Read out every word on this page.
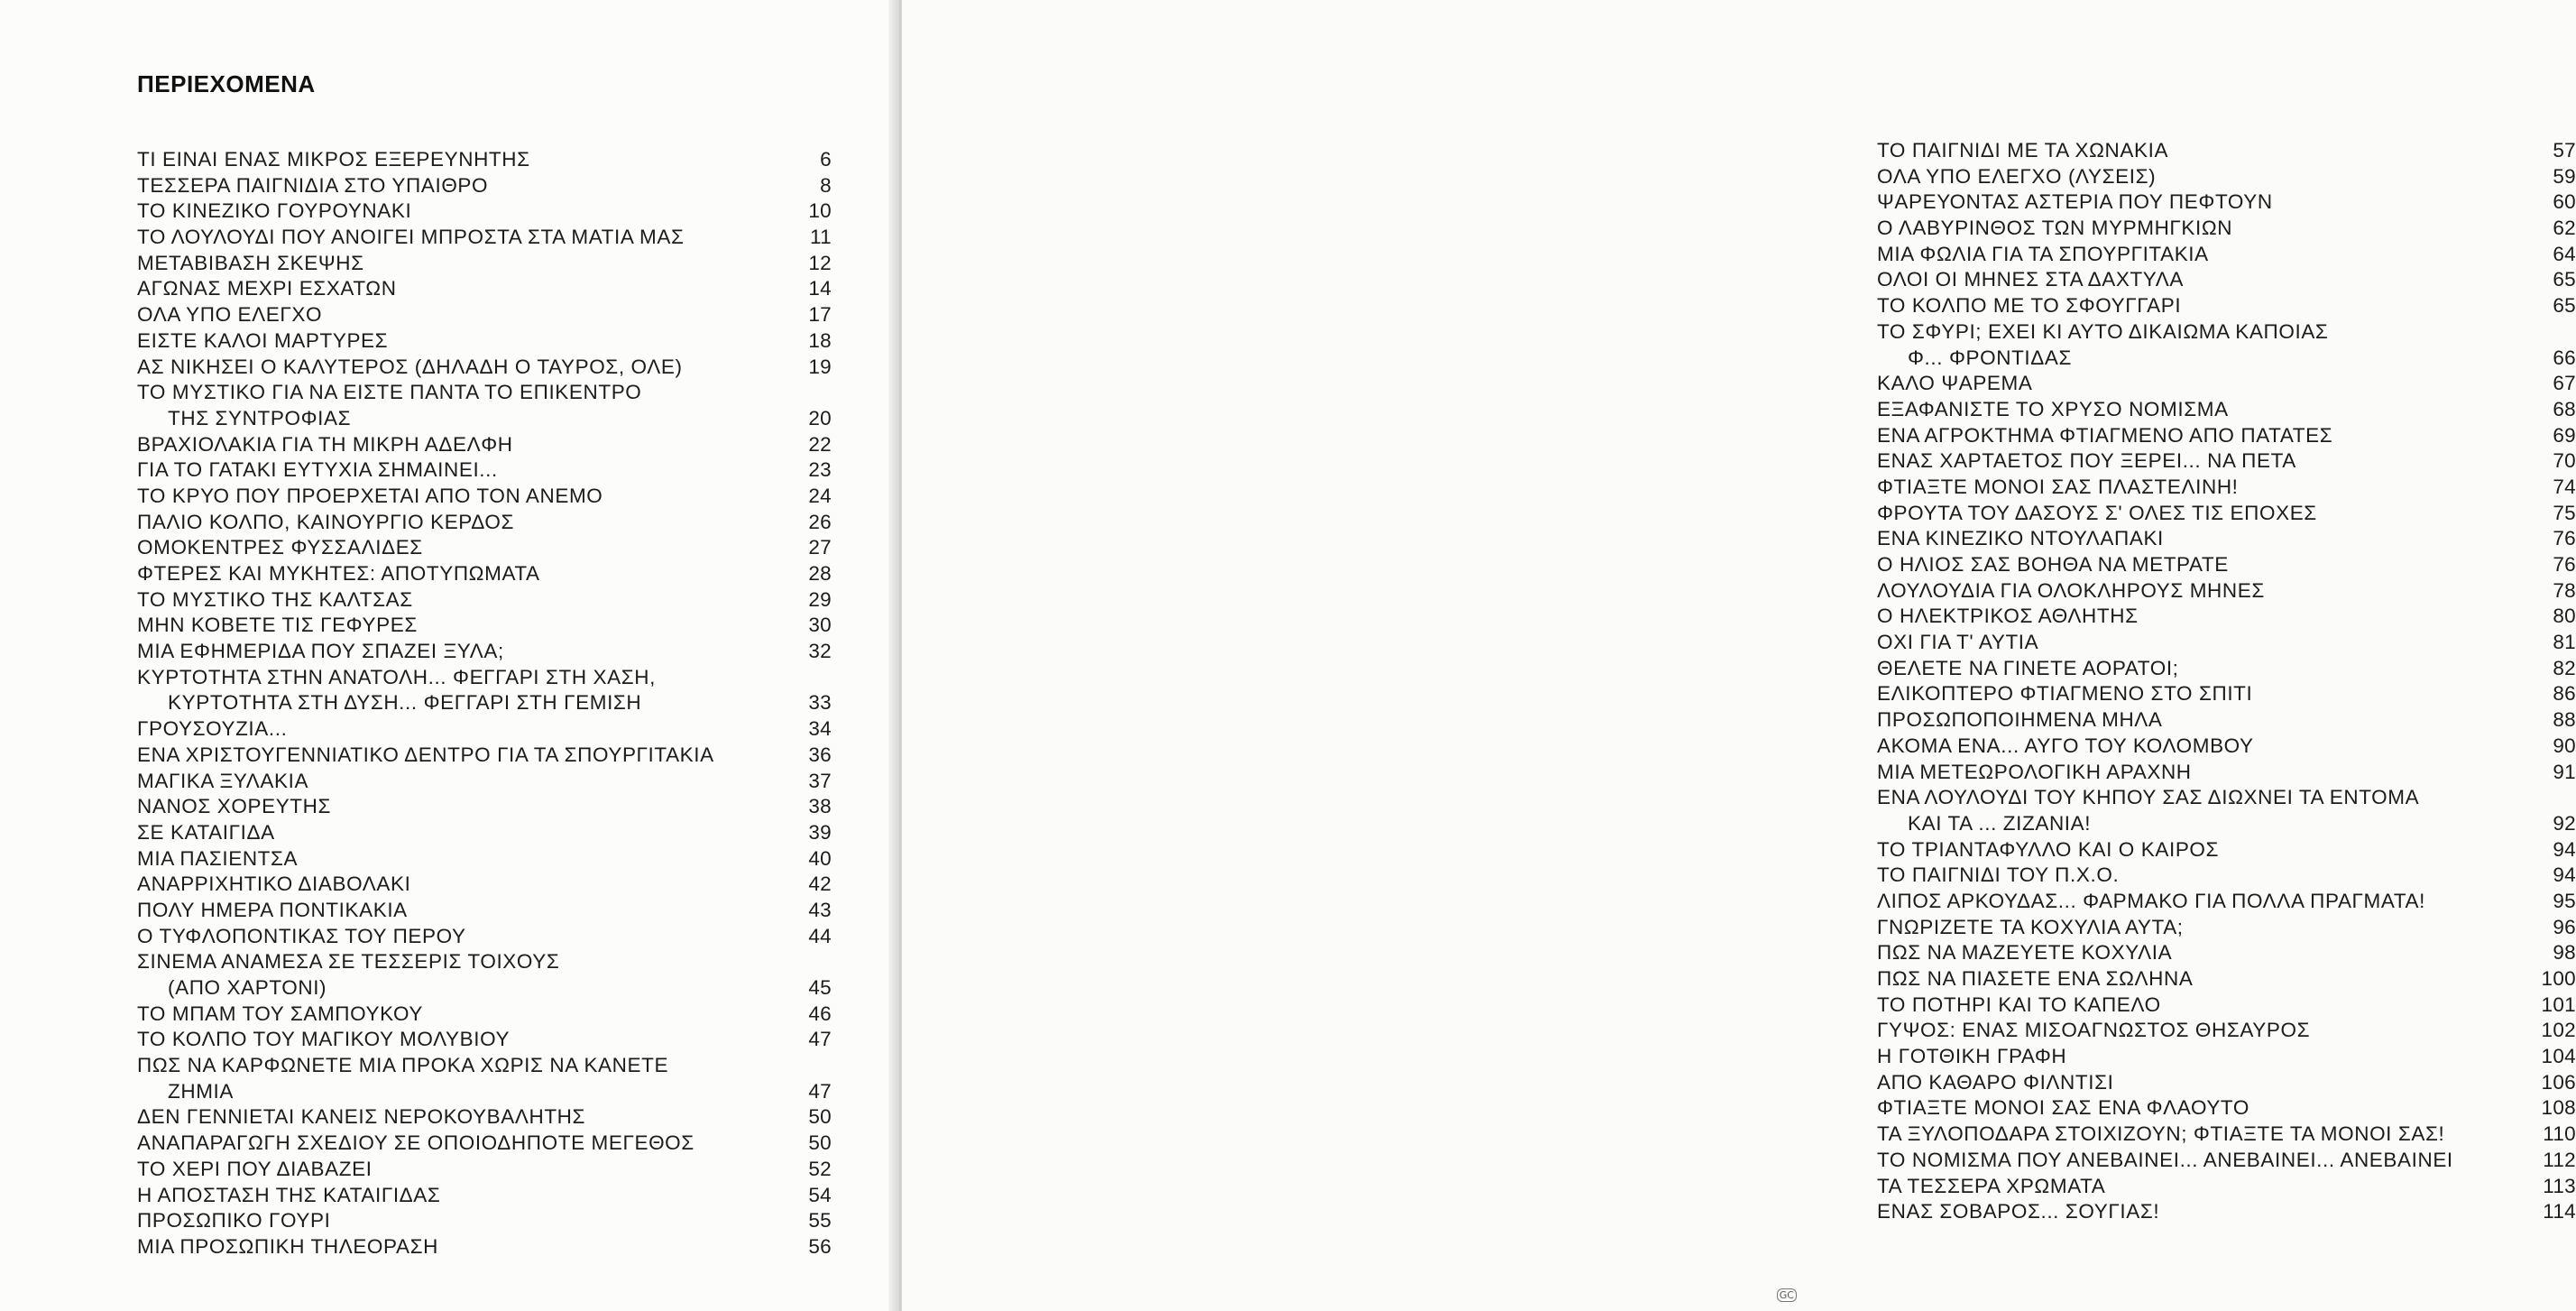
ΠΕΡΙΕΧΟΜΕΝΑ
ΤΙ ΕΙΝΑΙ ΕΝΑΣ ΜΙΚΡΟΣ ΕΞΕΡΕΥΝΗΤΗΣ	6
ΤΕΣΣΕΡΑ ΠΑΙΓΝΙΔΙΑ ΣΤΟ ΥΠΑΙΘΡΟ	8
ΤΟ ΚΙΝΕΖΙΚΟ ΓΟΥΡΟΥΝΑΚΙ	10
ΤΟ ΛΟΥΛΟΥΔΙ ΠΟΥ ΑΝΟΙΓΕΙ ΜΠΡΟΣΤΑ ΣΤΑ ΜΑΤΙΑ ΜΑΣ	11
ΜΕΤΑΒΙΒΑΣΗ ΣΚΕΨΗΣ	12
ΑΓΩΝΑΣ ΜΕΧΡΙ ΕΣΧΑΤΩΝ	14
ΟΛΑ ΥΠΟ ΕΛΕΓΧΟ	17
ΕΙΣΤΕ ΚΑΛΟΙ ΜΑΡΤΥΡΕΣ	18
ΑΣ ΝΙΚΗΣΕΙ Ο ΚΑΛΥΤΕΡΟΣ (ΔΗΛΑΔΗ Ο ΤΑΥΡΟΣ, ΟΛΕ)	19
ΤΟ ΜΥΣΤΙΚΟ ΓΙΑ ΝΑ ΕΙΣΤΕ ΠΑΝΤΑ ΤΟ ΕΠΙΚΕΝΤΡΟ
ΤΗΣ ΣΥΝΤΡΟΦΙΑΣ	20
ΒΡΑΧΙΟΛΑΚΙΑ ΓΙΑ ΤΗ ΜΙΚΡΗ ΑΔΕΛΦΗ	22
ΓΙΑ ΤΟ ΓΑΤΑΚΙ ΕΥΤΥΧΙΑ ΣΗΜΑΙΝΕΙ...	23
ΤΟ ΚΡΥΟ ΠΟΥ ΠΡΟΕΡΧΕΤΑΙ ΑΠΟ ΤΟΝ ΑΝΕΜΟ	24
ΠΑΛΙΟ ΚΟΛΠΟ, ΚΑΙΝΟΥΡΓΙΟ ΚΕΡΔΟΣ	26
ΟΜΟΚΕΝΤΡΕΣ ΦΥΣΣΑΛΙΔΕΣ	27
ΦΤΕΡΕΣ ΚΑΙ ΜΥΚΗΤΕΣ: ΑΠΟΤΥΠΩΜΑΤΑ	28
ΤΟ ΜΥΣΤΙΚΟ ΤΗΣ ΚΑΛΤΣΑΣ	29
ΜΗΝ ΚΟΒΕΤΕ ΤΙΣ ΓΕΦΥΡΕΣ	30
ΜΙΑ ΕΦΗΜΕΡΙΔΑ ΠΟΥ ΣΠΑΖΕΙ ΞΥΛΑ;	32
ΚΥΡΤΟΤΗΤΑ ΣΤΗΝ ΑΝΑΤΟΛΗ... ΦΕΓΓΑΡΙ ΣΤΗ ΧΑΣΗ,
ΚΥΡΤΟΤΗΤΑ ΣΤΗ ΔΥΣΗ... ΦΕΓΓΑΡΙ ΣΤΗ ΓΕΜΙΣΗ	33
ΓΡΟΥΣΟΥΖΙΑ...	34
ΕΝΑ ΧΡΙΣΤΟΥΓΕΝΝΙΑΤΙΚΟ ΔΕΝΤΡΟ ΓΙΑ ΤΑ ΣΠΟΥΡΓΙΤΑΚΙΑ	36
ΜΑΓΙΚΑ ΞΥΛΑΚΙΑ	37
ΝΑΝΟΣ ΧΟΡΕΥΤΗΣ	38
ΣΕ ΚΑΤΑΙΓΙΔΑ	39
ΜΙΑ ΠΑΣΙΕΝΤΣΑ	40
ΑΝΑΡΡΙΧΗΤΙΚΟ ΔΙΑΒΟΛΑΚΙ	42
ΠΟΛΥ ΗΜΕΡΑ ΠΟΝΤΙΚΑΚΙΑ	43
Ο ΤΥΦΛΟΠΟΝΤΙΚΑΣ ΤΟΥ ΠΕΡΟΥ	44
ΣΙΝΕΜΑ ΑΝΑΜΕΣΑ ΣΕ ΤΕΣΣΕΡΙΣ ΤΟΙΧΟΥΣ
(ΑΠΟ ΧΑΡΤΟΝΙ)	45
ΤΟ ΜΠΑΜ ΤΟΥ ΣΑΜΠΟΥΚΟΥ	46
ΤΟ ΚΟΛΠΟ ΤΟΥ ΜΑΓΙΚΟΥ ΜΟΛΥΒΙΟΥ	47
ΠΩΣ ΝΑ ΚΑΡΦΩΝΕΤΕ ΜΙΑ ΠΡΟΚΑ ΧΩΡΙΣ ΝΑ ΚΑΝΕΤΕ
ΖΗΜΙΑ	47
ΔΕΝ ΓΕΝΝΙΕΤΑΙ ΚΑΝΕΙΣ ΝΕΡΟΚΟΥΒΑΛΗΤΗΣ	50
ΑΝΑΠΑΡΑΓΩΓΗ ΣΧΕΔΙΟΥ ΣΕ ΟΠΟΙΟΔΗΠΟΤΕ ΜΕΓΕΘΟΣ	50
ΤΟ ΧΕΡΙ ΠΟΥ ΔΙΑΒΑΖΕΙ	52
Η ΑΠΟΣΤΑΣΗ ΤΗΣ ΚΑΤΑΙΓΙΔΑΣ	54
ΠΡΟΣΩΠΙΚΟ ΓΟΥΡΙ	55
ΜΙΑ ΠΡΟΣΩΠΙΚΗ ΤΗΛΕΟΡΑΣΗ	56
ΤΟ ΠΑΙΓΝΙΔΙ ΜΕ ΤΑ ΧΩΝΑΚΙΑ	57
ΟΛΑ ΥΠΟ ΕΛΕΓΧΟ (ΛΥΣΕΙΣ)	59
ΨΑΡΕΥΟΝΤΑΣ ΑΣΤΕΡΙΑ ΠΟΥ ΠΕΦΤΟΥΝ	60
Ο ΛΑΒΥΡΙΝΘΟΣ ΤΩΝ ΜΥΡΜΗΓΚΙΩΝ	62
ΜΙΑ ΦΩΛΙΑ ΓΙΑ ΤΑ ΣΠΟΥΡΓΙΤΑΚΙΑ	64
ΟΛΟΙ ΟΙ ΜΗΝΕΣ ΣΤΑ ΔΑΧΤΥΛΑ	65
ΤΟ ΚΟΛΠΟ ΜΕ ΤΟ ΣΦΟΥΓΓΑΡΙ	65
ΤΟ ΣΦΥΡΙ; ΕΧΕΙ ΚΙ ΑΥΤΟ ΔΙΚΑΙΩΜΑ ΚΑΠΟΙΑΣ
Φ... ΦΡΟΝΤΙΔΑΣ	66
ΚΑΛΟ ΨΑΡΕΜΑ	67
ΕΞΑΦΑΝΙΣΤΕ ΤΟ ΧΡΥΣΟ ΝΟΜΙΣΜΑ	68
ΕΝΑ ΑΓΡΟΚΤΗΜΑ ΦΤΙΑΓΜΕΝΟ ΑΠΟ ΠΑΤΑΤΕΣ	69
ΕΝΑΣ ΧΑΡΤΑΕΤΟΣ ΠΟΥ ΞΕΡΕΙ... ΝΑ ΠΕΤΑ	70
ΦΤΙΑΞΤΕ ΜΟΝΟΙ ΣΑΣ ΠΛΑΣΤΕΛΙΝΗ!	74
ΦΡΟΥΤΑ ΤΟΥ ΔΑΣΟΥΣ Σ' ΟΛΕΣ ΤΙΣ ΕΠΟΧΕΣ	75
ΕΝΑ ΚΙΝΕΖΙΚΟ ΝΤΟΥΛΑΠΑΚΙ	76
Ο ΗΛΙΟΣ ΣΑΣ ΒΟΗΘΑ ΝΑ ΜΕΤΡΑΤΕ	76
ΛΟΥΛΟΥΔΙΑ ΓΙΑ ΟΛΟΚΛΗΡΟΥΣ ΜΗΝΕΣ	78
Ο ΗΛΕΚΤΡΙΚΟΣ ΑΘΛΗΤΗΣ	80
ΟΧΙ ΓΙΑ Τ' ΑΥΤΙΑ	81
ΘΕΛΕΤΕ ΝΑ ΓΙΝΕΤΕ ΑΟΡΑΤΟΙ;	82
ΕΛΙΚΟΠΤΕΡΟ ΦΤΙΑΓΜΕΝΟ ΣΤΟ ΣΠΙΤΙ	86
ΠΡΟΣΩΠΟΠΟΙΗΜΕΝΑ ΜΗΛΑ	88
ΑΚΟΜΑ ΕΝΑ... ΑΥΓΟ ΤΟΥ ΚΟΛΟΜΒΟΥ	90
ΜΙΑ ΜΕΤΕΩΡΟΛΟΓΙΚΗ ΑΡΑΧΝΗ	91
ΕΝΑ ΛΟΥΛΟΥΔΙ ΤΟΥ ΚΗΠΟΥ ΣΑΣ ΔΙΩΧΝΕΙ ΤΑ ΕΝΤΟΜΑ
ΚΑΙ ΤΑ ... ΖΙΖΑΝΙΑ!	92
ΤΟ ΤΡΙΑΝΤΑΦΥΛΛΟ ΚΑΙ Ο ΚΑΙΡΟΣ	94
ΤΟ ΠΑΙΓΝΙΔΙ ΤΟΥ Π.Χ.Ο.	94
ΛΙΠΟΣ ΑΡΚΟΥΔΑΣ... ΦΑΡΜΑΚΟ ΓΙΑ ΠΟΛΛΑ ΠΡΑΓΜΑΤΑ!	95
ΓΝΩΡΙΖΕΤΕ ΤΑ ΚΟΧΥΛΙΑ ΑΥΤΑ;	96
ΠΩΣ ΝΑ ΜΑΖΕΥΕΤΕ ΚΟΧΥΛΙΑ	98
ΠΩΣ ΝΑ ΠΙΑΣΕΤΕ ΕΝΑ ΣΩΛΗΝΑ	100
ΤΟ ΠΟΤΗΡΙ ΚΑΙ ΤΟ ΚΑΠΕΛΟ	101
ΓΥΨΟΣ: ΕΝΑΣ ΜΙΣΟΑΓΝΩΣΤΟΣ ΘΗΣΑΥΡΟΣ	102
Η ΓΟΤΘΙΚΗ ΓΡΑΦΗ	104
ΑΠΟ ΚΑΘΑΡΟ ΦΙΛΝΤΙΣΙ	106
ΦΤΙΑΞΤΕ ΜΟΝΟΙ ΣΑΣ ΕΝΑ ΦΛΑΟΥΤΟ	108
ΤΑ ΞΥΛΟΠΟΔΑΡΑ ΣΤΟΙΧΙΖΟΥΝ; ΦΤΙΑΞΤΕ ΤΑ ΜΟΝΟΙ ΣΑΣ!	110
ΤΟ ΝΟΜΙΣΜΑ ΠΟΥ ΑΝΕΒΑΙΝΕΙ... ΑΝΕΒΑΙΝΕΙ... ΑΝΕΒΑΙΝΕΙ	112
ΤΑ ΤΕΣΣΕΡΑ ΧΡΩΜΑΤΑ	113
ΕΝΑΣ ΣΟΒΑΡΟΣ... ΣΟΥΓΙΑΣ!	114
GC
